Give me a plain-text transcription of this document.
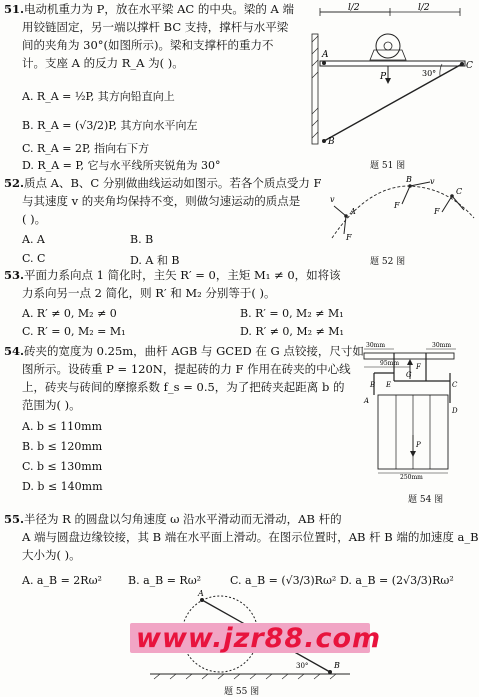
51.电动机重力为 P，放在水平梁 AC 的中央。梁的 A 端
用铰链固定，另一端以撑杆 BC 支持，撑杆与水平梁
间的夹角为 30°(如图所示)。梁和支撑杆的重力不
计。支座 A 的反力 R_A 为( )。
A. R_A = ½P, 其方向铅直向上
B. R_A = (√3/2)P, 其方向水平向左
C. R_A = 2P, 指向右下方
D. R_A = P, 它与水平线所夹锐角为 30°
l/2	l/2
A
B
C
P	30°
题 51 图
52.质点 A、B、C 分别做曲线运动如图示。若各个质点受力 F
与其速度 v 的夹角均保持不变，则做匀速运动的质点是
( )。
A. A	B. B
C. C	D. A 和 B
v
A
F
B v
F
C
F
题 52 图
53.平面力系向点 1 简化时，主矢 R′ = 0，主矩 M₁ ≠ 0，如将该
力系向另一点 2 简化，则 R′ 和 M₂ 分别等于( )。
A. R′ ≠ 0, M₂ ≠ 0	B. R′ = 0, M₂ ≠ M₁
C. R′ = 0, M₂ = M₁	D. R′ ≠ 0, M₂ ≠ M₁
54.砖夹的宽度为 0.25m，曲杆 AGB 与 GCED 在 G 点铰接，尺寸如
图所示。设砖重 P = 120N，提起砖的力 F 作用在砖夹的中心线
上，砖夹与砖间的摩擦系数 f_s = 0.5，为了把砖夹起距离 b 的
范围为( )。
A. b ≤ 110mm
B. b ≤ 120mm
C. b ≤ 130mm
D. b ≤ 140mm
30mm	30mm
95mm
250mm
G
F
P
A
B	C
D
E
题 54 图
55.半径为 R 的圆盘以匀角速度 ω 沿水平滑动而无滑动，AB 杆的
A 端与圆盘边缘铰接，其 B 端在水平面上滑动。在图示位置时，AB 杆 B 端的加速度 a_B
大小为( )。
A. a_B = 2Rω² B. a_B = Rω²	C. a_B = (√3/3)Rω² D. a_B = (2√3/3)Rω²
A
B
30°
题 55 图
www.jzr88.com
